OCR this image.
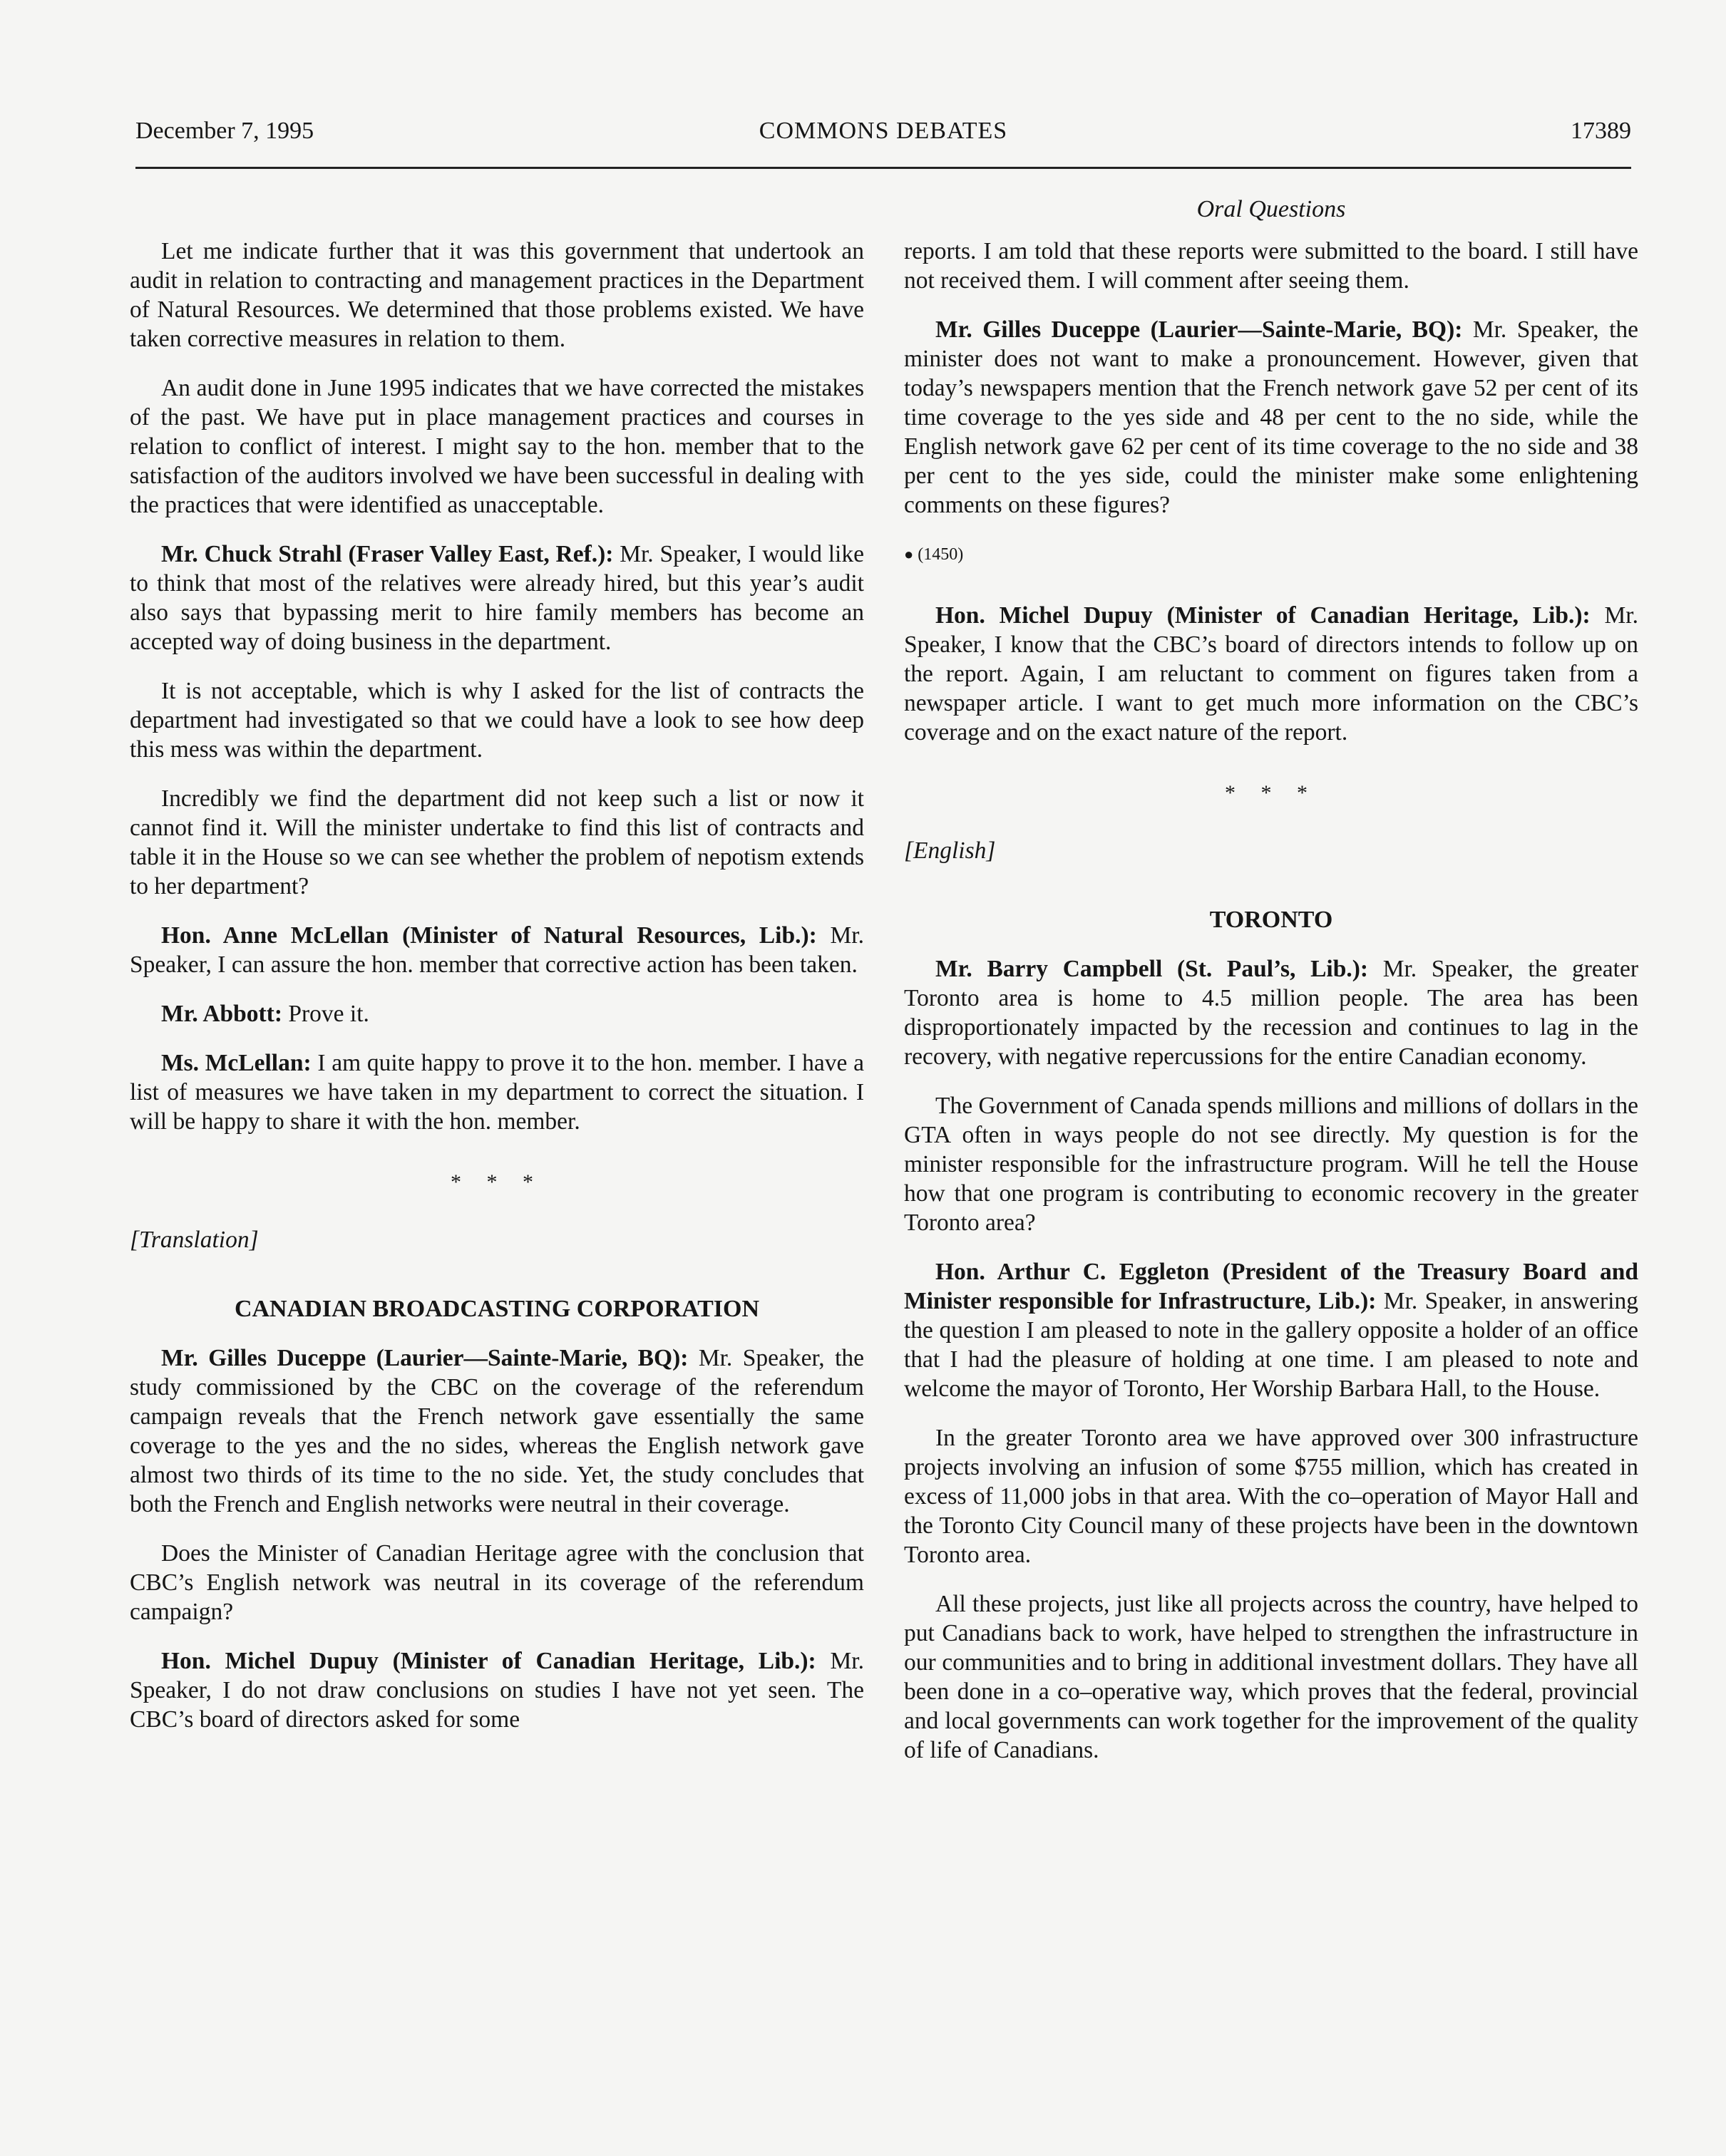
December 7, 1995	COMMONS DEBATES	17389
Oral Questions

Let me indicate further that it was this government that undertook an audit in relation to contracting and management practices in the Department of Natural Resources. We determined that those problems existed. We have taken corrective measures in relation to them.

An audit done in June 1995 indicates that we have corrected the mistakes of the past. We have put in place management practices and courses in relation to conflict of interest. I might say to the hon. member that to the satisfaction of the auditors involved we have been successful in dealing with the practices that were identified as unacceptable.

Mr. Chuck Strahl (Fraser Valley East, Ref.): Mr. Speaker, I would like to think that most of the relatives were already hired, but this year’s audit also says that bypassing merit to hire family members has become an accepted way of doing business in the department.

It is not acceptable, which is why I asked for the list of contracts the department had investigated so that we could have a look to see how deep this mess was within the department.

Incredibly we find the department did not keep such a list or now it cannot find it. Will the minister undertake to find this list of contracts and table it in the House so we can see whether the problem of nepotism extends to her department?

Hon. Anne McLellan (Minister of Natural Resources, Lib.): Mr. Speaker, I can assure the hon. member that corrective action has been taken.

Mr. Abbott: Prove it.

Ms. McLellan: I am quite happy to prove it to the hon. member. I have a list of measures we have taken in my department to correct the situation. I will be happy to share it with the hon. member.

* * *
[Translation]
CANADIAN BROADCASTING CORPORATION

Mr. Gilles Duceppe (Laurier—Sainte-Marie, BQ): Mr. Speaker, the study commissioned by the CBC on the coverage of the referendum campaign reveals that the French network gave essentially the same coverage to the yes and the no sides, whereas the English network gave almost two thirds of its time to the no side. Yet, the study concludes that both the French and English networks were neutral in their coverage.

Does the Minister of Canadian Heritage agree with the conclusion that CBC’s English network was neutral in its coverage of the referendum campaign?

Hon. Michel Dupuy (Minister of Canadian Heritage, Lib.): Mr. Speaker, I do not draw conclusions on studies I have not yet seen. The CBC’s board of directors asked for some

reports. I am told that these reports were submitted to the board. I still have not received them. I will comment after seeing them.

Mr. Gilles Duceppe (Laurier—Sainte-Marie, BQ): Mr. Speaker, the minister does not want to make a pronouncement. However, given that today’s newspapers mention that the French network gave 52 per cent of its time coverage to the yes side and 48 per cent to the no side, while the English network gave 62 per cent of its time coverage to the no side and 38 per cent to the yes side, could the minister make some enlightening comments on these figures?

● (1450)

Hon. Michel Dupuy (Minister of Canadian Heritage, Lib.): Mr. Speaker, I know that the CBC’s board of directors intends to follow up on the report. Again, I am reluctant to comment on figures taken from a newspaper article. I want to get much more information on the CBC’s coverage and on the exact nature of the report.

* * *
[English]
TORONTO

Mr. Barry Campbell (St. Paul’s, Lib.): Mr. Speaker, the greater Toronto area is home to 4.5 million people. The area has been disproportionately impacted by the recession and continues to lag in the recovery, with negative repercussions for the entire Canadian economy.

The Government of Canada spends millions and millions of dollars in the GTA often in ways people do not see directly. My question is for the minister responsible for the infrastructure program. Will he tell the House how that one program is contributing to economic recovery in the greater Toronto area?

Hon. Arthur C. Eggleton (President of the Treasury Board and Minister responsible for Infrastructure, Lib.): Mr. Speaker, in answering the question I am pleased to note in the gallery opposite a holder of an office that I had the pleasure of holding at one time. I am pleased to note and welcome the mayor of Toronto, Her Worship Barbara Hall, to the House.

In the greater Toronto area we have approved over 300 infrastructure projects involving an infusion of some $755 million, which has created in excess of 11,000 jobs in that area. With the co–operation of Mayor Hall and the Toronto City Council many of these projects have been in the downtown Toronto area.

All these projects, just like all projects across the country, have helped to put Canadians back to work, have helped to strengthen the infrastructure in our communities and to bring in additional investment dollars. They have all been done in a co–operative way, which proves that the federal, provincial and local governments can work together for the improvement of the quality of life of Canadians.
